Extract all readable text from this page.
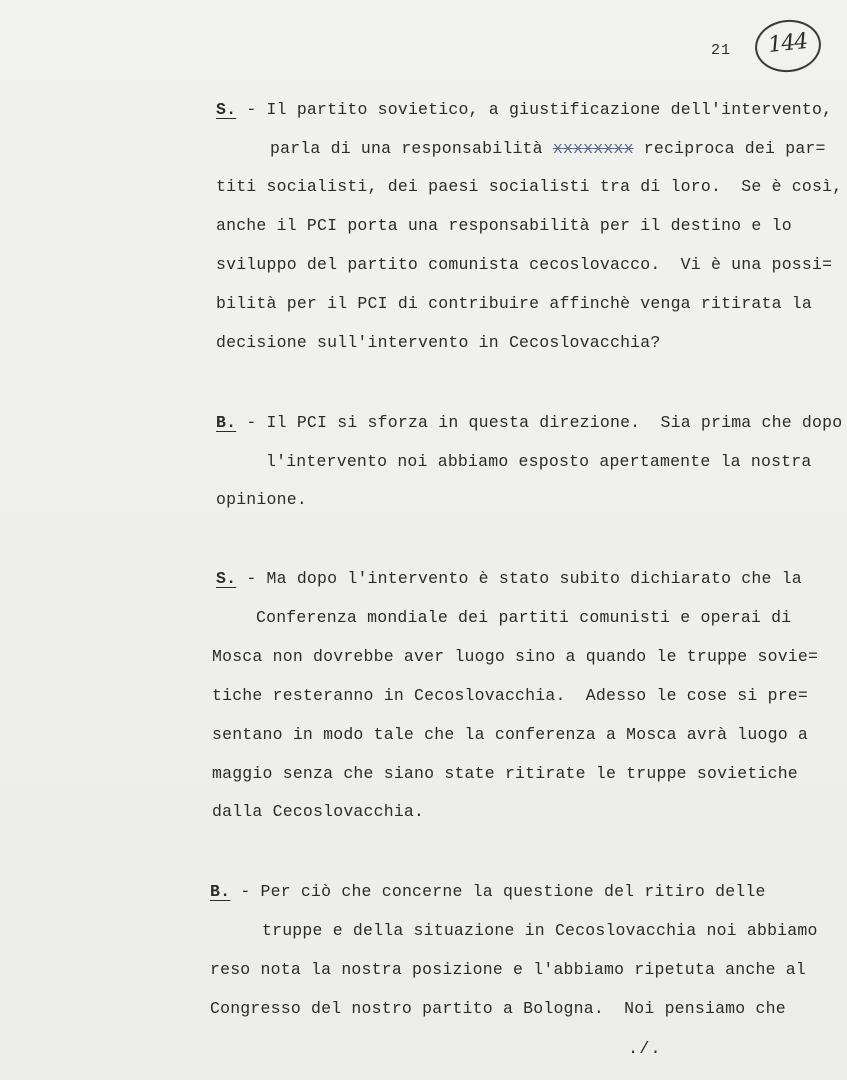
21	144
S. - Il partito sovietico, a giustificazione dell'intervento,
parla di una responsabilità xxxxxxxx reciproca dei par=
titi socialisti, dei paesi socialisti tra di loro.  Se è così,
anche il PCI porta una responsabilità per il destino e lo
sviluppo del partito comunista cecoslovacco.  Vi è una possi=
bilità per il PCI di contribuire affinchè venga ritirata la
decisione sull'intervento in Cecoslovacchia?
B. - Il PCI si sforza in questa direzione.  Sia prima che dopo
l'intervento noi abbiamo esposto apertamente la nostra
opinione.
S. - Ma dopo l'intervento è stato subito dichiarato che la
Conferenza mondiale dei partiti comunisti e operai di
Mosca non dovrebbe aver luogo sino a quando le truppe sovie=
tiche resteranno in Cecoslovacchia.  Adesso le cose si pre=
sentano in modo tale che la conferenza a Mosca avrà luogo a
maggio senza che siano state ritirate le truppe sovietiche
dalla Cecoslovacchia.
B. - Per ciò che concerne la questione del ritiro delle
truppe e della situazione in Cecoslovacchia noi abbiamo
reso nota la nostra posizione e l'abbiamo ripetuta anche al
Congresso del nostro partito a Bologna.  Noi pensiamo che
./.
